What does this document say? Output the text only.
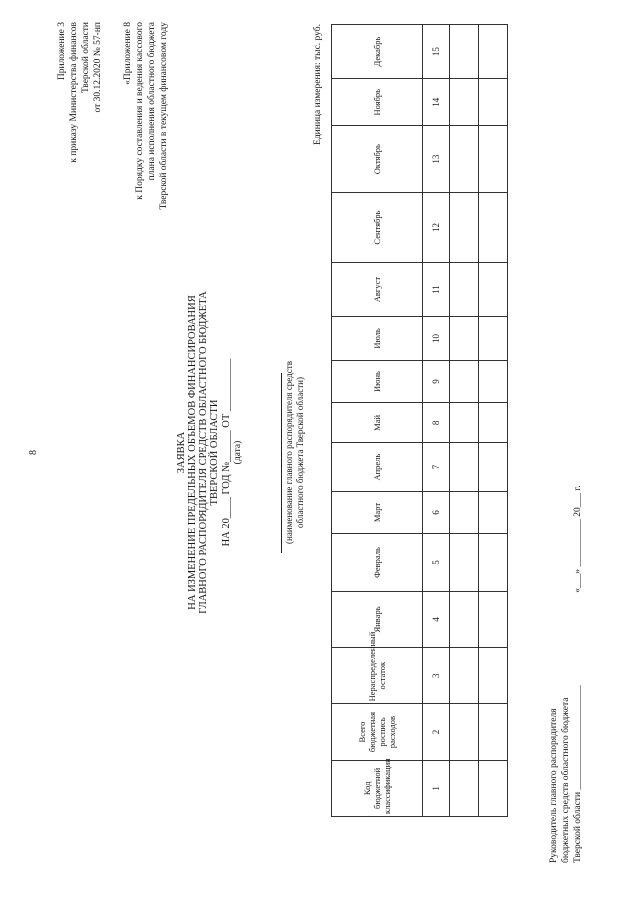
8
Приложение 3 к приказу Министерства финансов Тверской области от 30.12.2020 № 57-нп «Приложение 8 к Порядку составления и ведения кассового плана исполнения областного бюджета Тверской области в текущем финансовом году
ЗАЯВКА НА ИЗМЕНЕНИЕ ПРЕДЕЛЬНЫХ ОБЪЕМОВ ФИНАНСИРОВАНИЯ ГЛАВНОГО РАСПОРЯДИТЕЛЯ СРЕДСТВ ОБЛАСТНОГО БЮДЖЕТА ТВЕРСКОЙ ОБЛАСТИ НА 20____ ГОД №______ ОТ __________ (дата)	(наименование главного распорядителя средств областного бюджета Тверской области)
Единица измерения: тыс. руб.
Код бюджетной классификации	Всего бюджетная роспись расходов	Нераспределенный остаток	Январь	Февраль	Март	Апрель	Май	Июнь	Июль	Август	Сентябрь	Октябрь	Ноябрь	Декабрь
1	2	3	4	5	6	7	8	9	10	11	12	13	14	15

Руководитель главного распорядителя бюджетных средств областного бюджета Тверской области ______________________ «___» __________ 20___ г.
